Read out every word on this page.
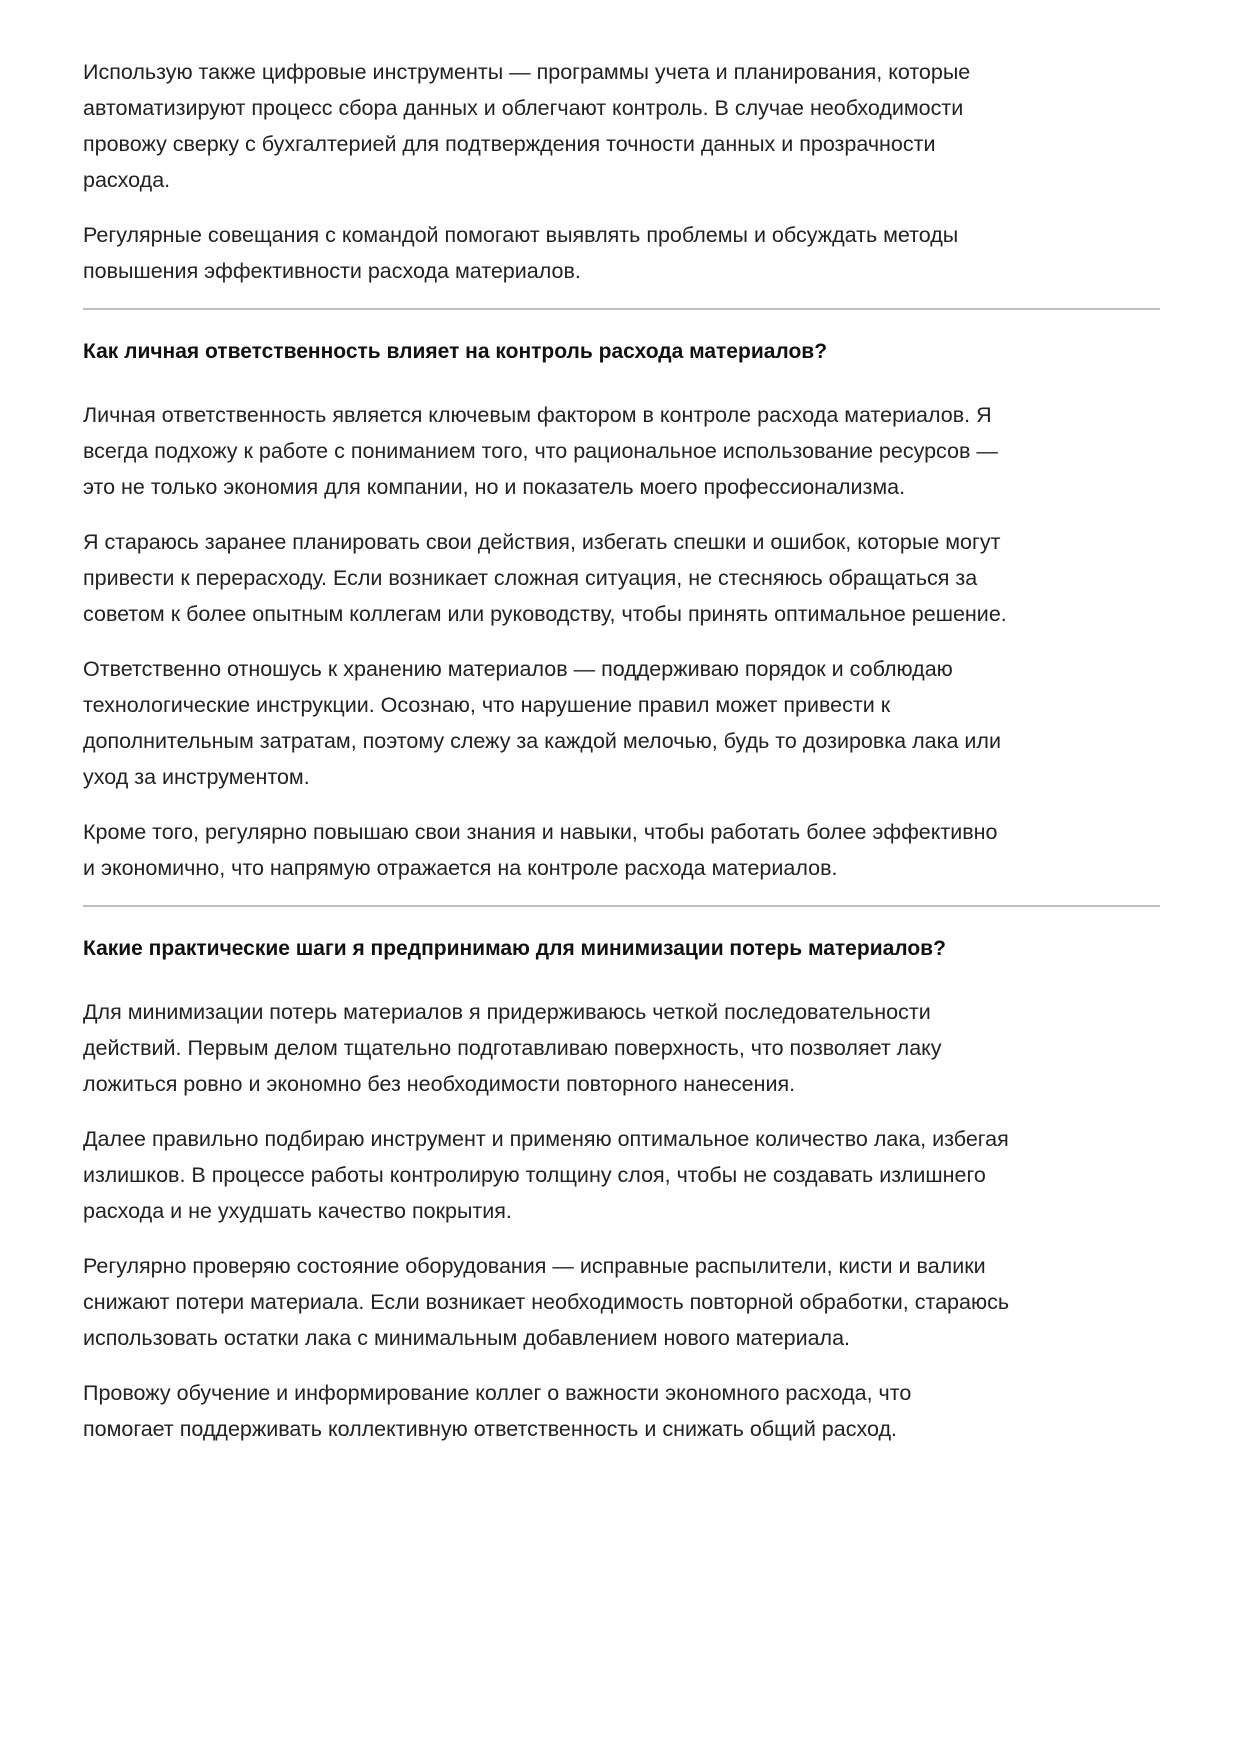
Использую также цифровые инструменты — программы учета и планирования, которые
автоматизируют процесс сбора данных и облегчают контроль. В случае необходимости
провожу сверку с бухгалтерией для подтверждения точности данных и прозрачности
расхода.

Регулярные совещания с командой помогают выявлять проблемы и обсуждать методы
повышения эффективности расхода материалов.

Как личная ответственность влияет на контроль расхода материалов?

Личная ответственность является ключевым фактором в контроле расхода материалов. Я
всегда подхожу к работе с пониманием того, что рациональное использование ресурсов —
это не только экономия для компании, но и показатель моего профессионализма.

Я стараюсь заранее планировать свои действия, избегать спешки и ошибок, которые могут
привести к перерасходу. Если возникает сложная ситуация, не стесняюсь обращаться за
советом к более опытным коллегам или руководству, чтобы принять оптимальное решение.

Ответственно отношусь к хранению материалов — поддерживаю порядок и соблюдаю
технологические инструкции. Осознаю, что нарушение правил может привести к
дополнительным затратам, поэтому слежу за каждой мелочью, будь то дозировка лака или
уход за инструментом.

Кроме того, регулярно повышаю свои знания и навыки, чтобы работать более эффективно
и экономично, что напрямую отражается на контроле расхода материалов.

Какие практические шаги я предпринимаю для минимизации потерь материалов?

Для минимизации потерь материалов я придерживаюсь четкой последовательности
действий. Первым делом тщательно подготавливаю поверхность, что позволяет лаку
ложиться ровно и экономно без необходимости повторного нанесения.

Далее правильно подбираю инструмент и применяю оптимальное количество лака, избегая
излишков. В процессе работы контролирую толщину слоя, чтобы не создавать излишнего
расхода и не ухудшать качество покрытия.

Регулярно проверяю состояние оборудования — исправные распылители, кисти и валики
снижают потери материала. Если возникает необходимость повторной обработки, стараюсь
использовать остатки лака с минимальным добавлением нового материала.

Провожу обучение и информирование коллег о важности экономного расхода, что
помогает поддерживать коллективную ответственность и снижать общий расход.
